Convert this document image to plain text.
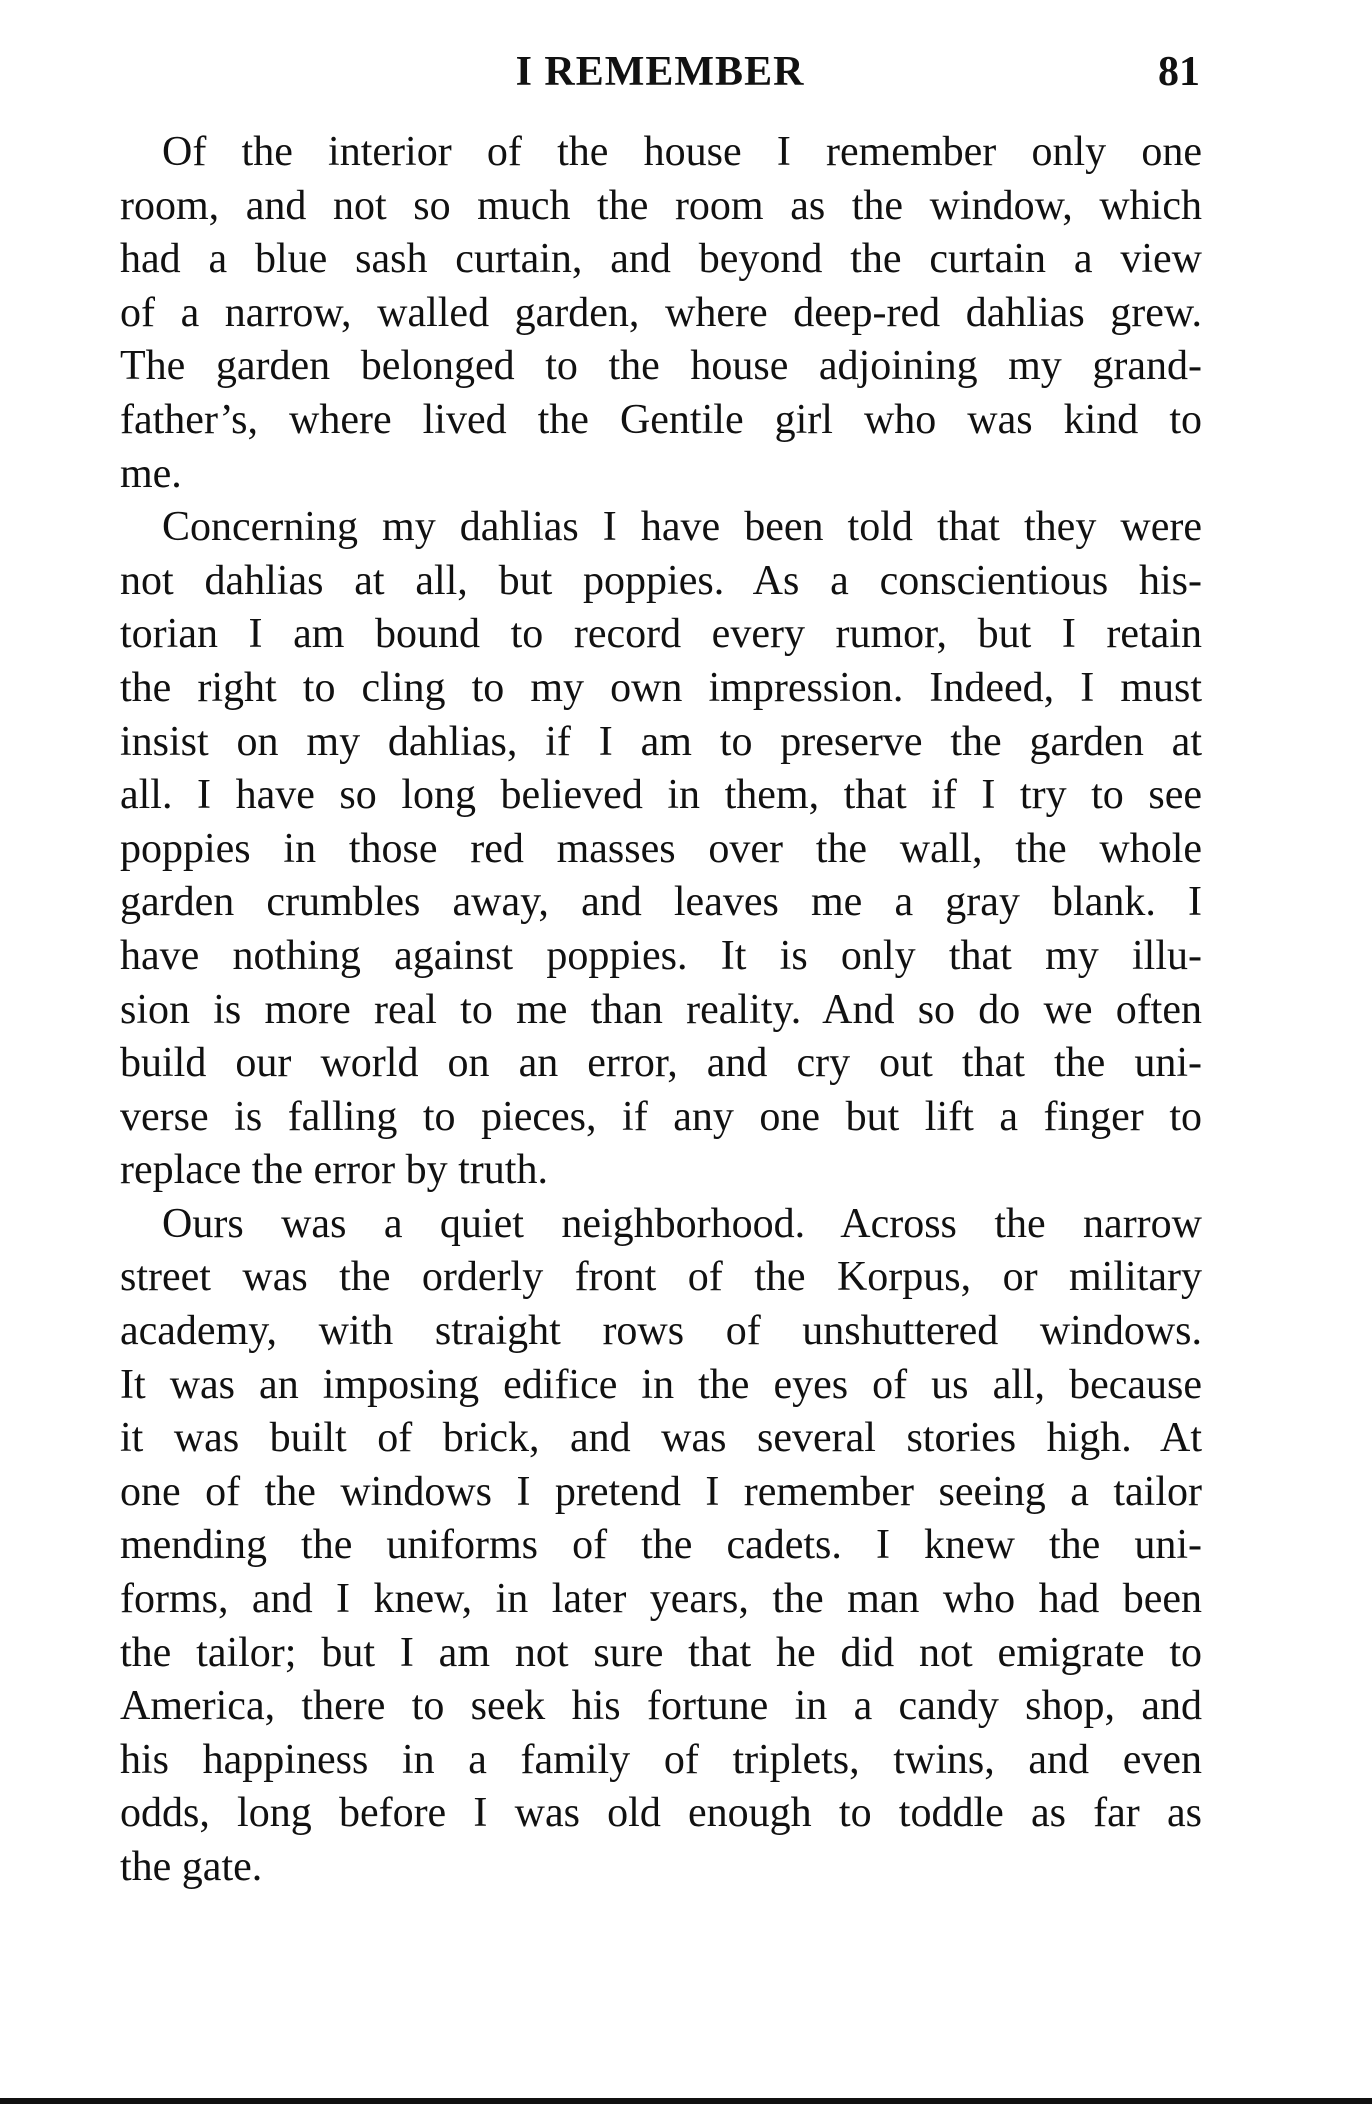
I REMEMBER	81
Of the interior of the house I remember only one
room, and not so much the room as the window, which
had a blue sash curtain, and beyond the curtain a view
of a narrow, walled garden, where deep-red dahlias grew.
The garden belonged to the house adjoining my grand-
father’s, where lived the Gentile girl who was kind to
me.
Concerning my dahlias I have been told that they were
not dahlias at all, but poppies. As a conscientious his-
torian I am bound to record every rumor, but I retain
the right to cling to my own impression. Indeed, I must
insist on my dahlias, if I am to preserve the garden at
all. I have so long believed in them, that if I try to see
poppies in those red masses over the wall, the whole
garden crumbles away, and leaves me a gray blank. I
have nothing against poppies. It is only that my illu-
sion is more real to me than reality. And so do we often
build our world on an error, and cry out that the uni-
verse is falling to pieces, if any one but lift a finger to
replace the error by truth.
Ours was a quiet neighborhood. Across the narrow
street was the orderly front of the Korpus, or military
academy, with straight rows of unshuttered windows.
It was an imposing edifice in the eyes of us all, because
it was built of brick, and was several stories high. At
one of the windows I pretend I remember seeing a tailor
mending the uniforms of the cadets. I knew the uni-
forms, and I knew, in later years, the man who had been
the tailor; but I am not sure that he did not emigrate to
America, there to seek his fortune in a candy shop, and
his happiness in a family of triplets, twins, and even
odds, long before I was old enough to toddle as far as
the gate.
